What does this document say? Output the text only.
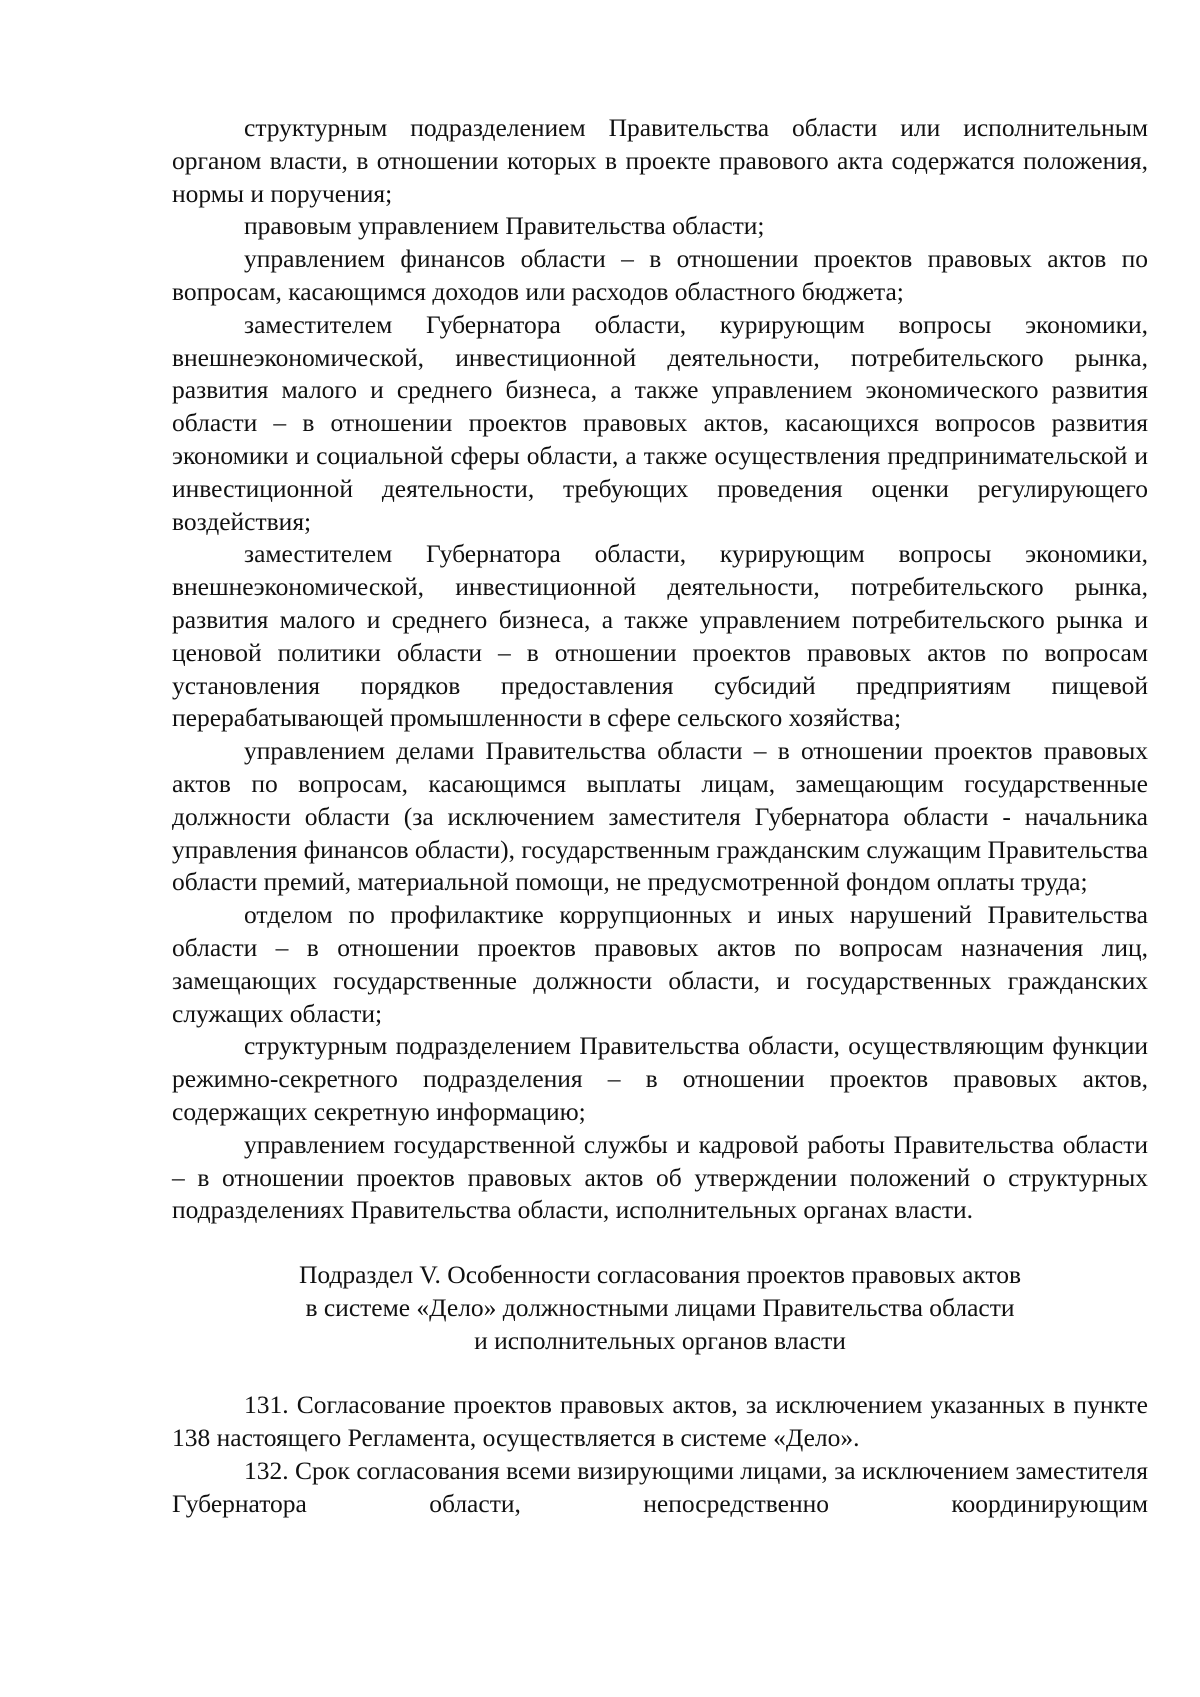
структурным подразделением Правительства области или исполнительным органом власти, в отношении которых в проекте правового акта содержатся положения, нормы и поручения;

правовым управлением Правительства области;

управлением финансов области – в отношении проектов правовых актов по вопросам, касающимся доходов или расходов областного бюджета;

заместителем Губернатора области, курирующим вопросы экономики, внешнеэкономической, инвестиционной деятельности, потребительского рынка, развития малого и среднего бизнеса, а также управлением экономического развития области – в отношении проектов правовых актов, касающихся вопросов развития экономики и социальной сферы области, а также осуществления предпринимательской и инвестиционной деятельности, требующих проведения оценки регулирующего воздействия;

заместителем Губернатора области, курирующим вопросы экономики, внешнеэкономической, инвестиционной деятельности, потребительского рынка, развития малого и среднего бизнеса, а также управлением потребительского рынка и ценовой политики области – в отношении проектов правовых актов по вопросам установления порядков предоставления субсидий предприятиям пищевой перерабатывающей промышленности в сфере сельского хозяйства;

управлением делами Правительства области – в отношении проектов правовых актов по вопросам, касающимся выплаты лицам, замещающим государственные должности области (за исключением заместителя Губернатора области - начальника управления финансов области), государственным гражданским служащим Правительства области премий, материальной помощи, не предусмотренной фондом оплаты труда;

отделом по профилактике коррупционных и иных нарушений Правительства области – в отношении проектов правовых актов по вопросам назначения лиц, замещающих государственные должности области, и государственных гражданских служащих области;

структурным подразделением Правительства области, осуществляющим функции режимно-секретного подразделения – в отношении проектов правовых актов, содержащих секретную информацию;

управлением государственной службы и кадровой работы Правительства области – в отношении проектов правовых актов об утверждении положений о структурных подразделениях Правительства области, исполнительных органах власти.

Подраздел V. Особенности согласования проектов правовых актов
в системе «Дело» должностными лицами Правительства области
и исполнительных органов власти

131. Согласование проектов правовых актов, за исключением указанных в пункте 138 настоящего Регламента, осуществляется в системе «Дело».

132. Срок согласования всеми визирующими лицами, за исключением заместителя Губернатора области, непосредственно координирующим
